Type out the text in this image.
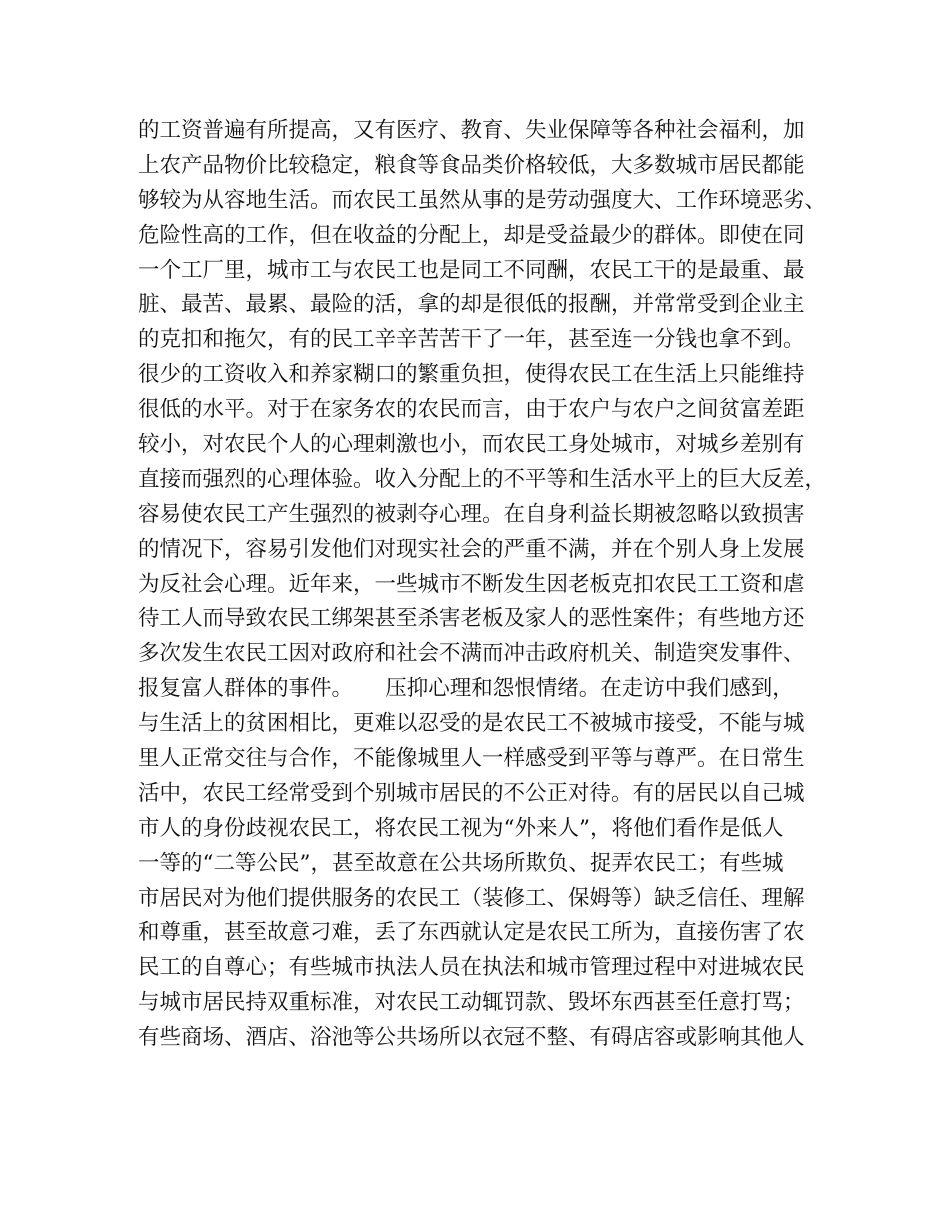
的工资普遍有所提高，又有医疗、教育、失业保障等各种社会福利，加
上农产品物价比较稳定，粮食等食品类价格较低，大多数城市居民都能
够较为从容地生活。而农民工虽然从事的是劳动强度大、工作环境恶劣、
危险性高的工作，但在收益的分配上，却是受益最少的群体。即使在同
一个工厂里，城市工与农民工也是同工不同酬，农民工干的是最重、最
脏、最苦、最累、最险的活，拿的却是很低的报酬，并常常受到企业主
的克扣和拖欠，有的民工辛辛苦苦干了一年，甚至连一分钱也拿不到。
很少的工资收入和养家糊口的繁重负担，使得农民工在生活上只能维持
很低的水平。对于在家务农的农民而言，由于农户与农户之间贫富差距
较小，对农民个人的心理刺激也小，而农民工身处城市，对城乡差别有
直接而强烈的心理体验。收入分配上的不平等和生活水平上的巨大反差，
容易使农民工产生强烈的被剥夺心理。在自身利益长期被忽略以致损害
的情况下，容易引发他们对现实社会的严重不满，并在个别人身上发展
为反社会心理。近年来，一些城市不断发生因老板克扣农民工工资和虐
待工人而导致农民工绑架甚至杀害老板及家人的恶性案件；有些地方还
多次发生农民工因对政府和社会不满而冲击政府机关、制造突发事件、
报复富人群体的事件。　　压抑心理和怨恨情绪。在走访中我们感到，
与生活上的贫困相比，更难以忍受的是农民工不被城市接受，不能与城
里人正常交往与合作，不能像城里人一样感受到平等与尊严。在日常生
活中，农民工经常受到个别城市居民的不公正对待。有的居民以自己城
市人的身份歧视农民工，将农民工视为“外来人”，将他们看作是低人
一等的“二等公民”，甚至故意在公共场所欺负、捉弄农民工；有些城
市居民对为他们提供服务的农民工（装修工、保姆等）缺乏信任、理解
和尊重，甚至故意刁难，丢了东西就认定是农民工所为，直接伤害了农
民工的自尊心；有些城市执法人员在执法和城市管理过程中对进城农民
与城市居民持双重标准，对农民工动辄罚款、毁坏东西甚至任意打骂；
有些商场、酒店、浴池等公共场所以衣冠不整、有碍店容或影响其他人
